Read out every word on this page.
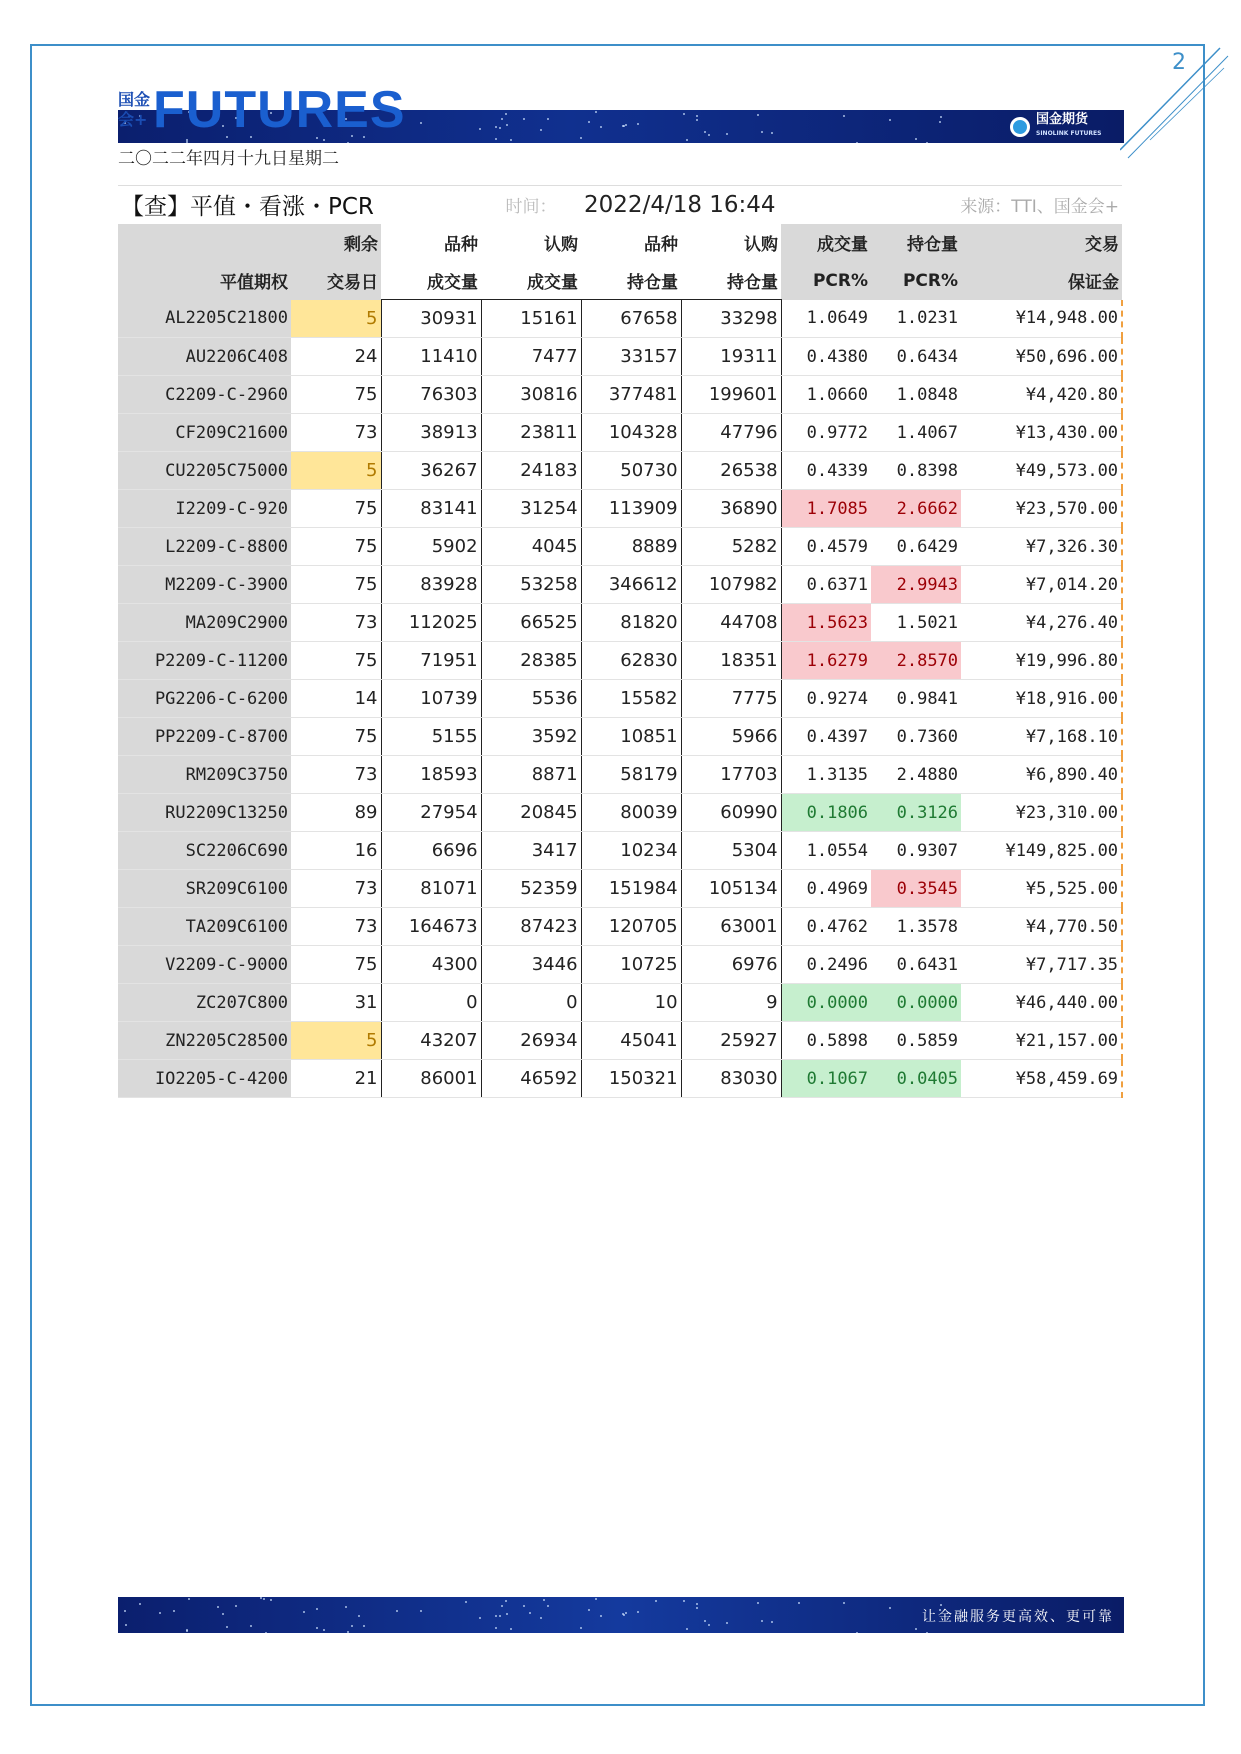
2
国金会+ FUTURES	国金期货
SINOLINK FUTURES
二〇二二年四月十九日星期二
【查】平值・看涨・PCR			时间：	2022/4/18 16:44			来源：TTI、国金会+	
	剩余	品种	认购	品种	认购	成交量	持仓量	交易
平值期权	交易日	成交量	成交量	持仓量	持仓量	PCR%	PCR%	保证金
AL2205C21800	5	30931	15161	67658	33298	1.0649	1.0231	¥14,948.00
AU2206C408	24	11410	7477	33157	19311	0.4380	0.6434	¥50,696.00
C2209-C-2960	75	76303	30816	377481	199601	1.0660	1.0848	¥4,420.80
CF209C21600	73	38913	23811	104328	47796	0.9772	1.4067	¥13,430.00
CU2205C75000	5	36267	24183	50730	26538	0.4339	0.8398	¥49,573.00
I2209-C-920	75	83141	31254	113909	36890	1.7085	2.6662	¥23,570.00
L2209-C-8800	75	5902	4045	8889	5282	0.4579	0.6429	¥7,326.30
M2209-C-3900	75	83928	53258	346612	107982	0.6371	2.9943	¥7,014.20
MA209C2900	73	112025	66525	81820	44708	1.5623	1.5021	¥4,276.40
P2209-C-11200	75	71951	28385	62830	18351	1.6279	2.8570	¥19,996.80
PG2206-C-6200	14	10739	5536	15582	7775	0.9274	0.9841	¥18,916.00
PP2209-C-8700	75	5155	3592	10851	5966	0.4397	0.7360	¥7,168.10
RM209C3750	73	18593	8871	58179	17703	1.3135	2.4880	¥6,890.40
RU2209C13250	89	27954	20845	80039	60990	0.1806	0.3126	¥23,310.00
SC2206C690	16	6696	3417	10234	5304	1.0554	0.9307	¥149,825.00
SR209C6100	73	81071	52359	151984	105134	0.4969	0.3545	¥5,525.00
TA209C6100	73	164673	87423	120705	63001	0.4762	1.3578	¥4,770.50
V2209-C-9000	75	4300	3446	10725	6976	0.2496	0.6431	¥7,717.35
ZC207C800	31	0	0	10	9	0.0000	0.0000	¥46,440.00
ZN2205C28500	5	43207	26934	45041	25927	0.5898	0.5859	¥21,157.00
IO2205-C-4200	21	86001	46592	150321	83030	0.1067	0.0405	¥58,459.69
让金融服务更高效、更可靠
